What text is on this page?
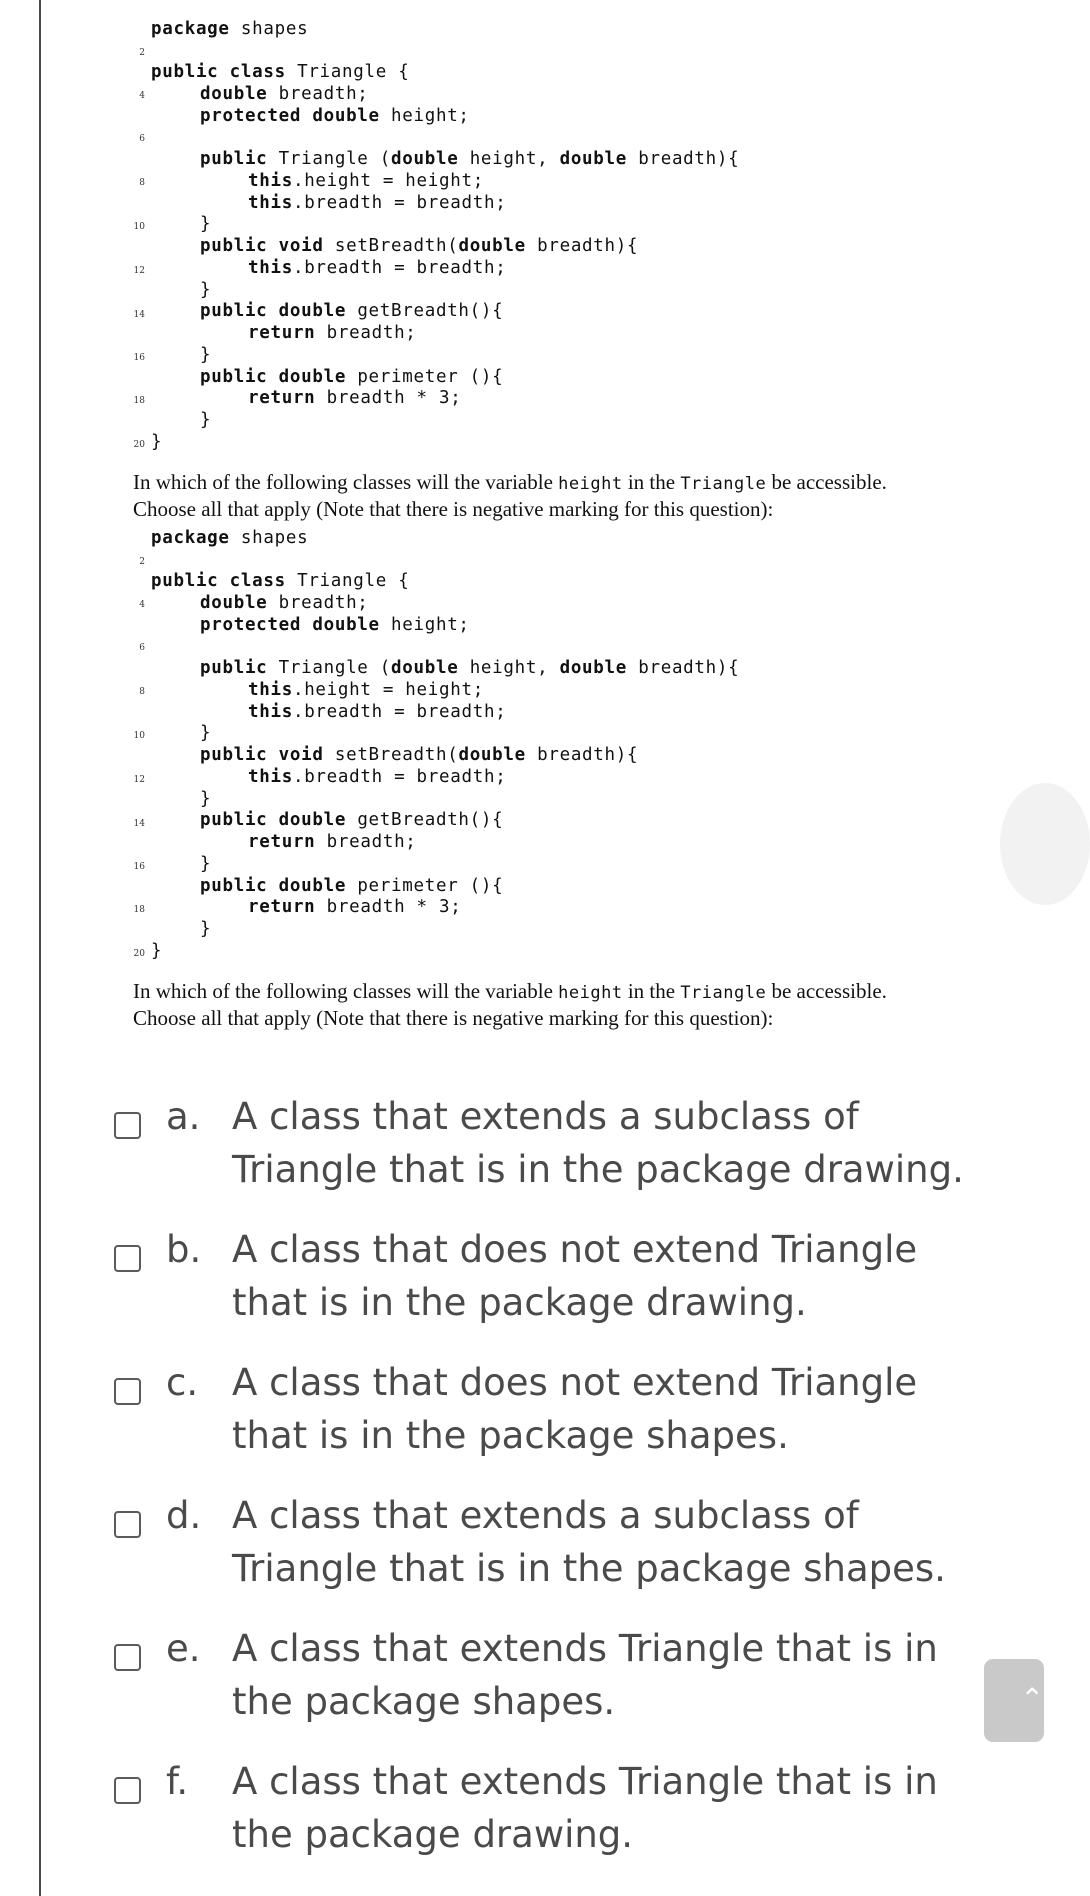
package shapes
2
public class Triangle {
4	double breadth;
protected double height;
6
public Triangle (double height, double breadth){
8	this.height = height;
this.breadth = breadth;
10	}
public void setBreadth(double breadth){
12	this.breadth = breadth;
}
14	public double getBreadth(){
return breadth;
16	}
public double perimeter (){
18	return breadth * 3;
}
20 }
In which of the following classes will the variable height in the Triangle be accessible.
Choose all that apply (Note that there is negative marking for this question):
package shapes
2
public class Triangle {
4	double breadth;
protected double height;
6
public Triangle (double height, double breadth){
8	this.height = height;
this.breadth = breadth;
10	}
public void setBreadth(double breadth){
12	this.breadth = breadth;
}
14	public double getBreadth(){
return breadth;
16	}
public double perimeter (){
18	return breadth * 3;
}
20 }
In which of the following classes will the variable height in the Triangle be accessible.
Choose all that apply (Note that there is negative marking for this question):
a. A class that extends a subclass of Triangle that is in the package drawing.
b. A class that does not extend Triangle that is in the package drawing.
c. A class that does not extend Triangle that is in the package shapes.
d. A class that extends a subclass of Triangle that is in the package shapes.
e. A class that extends Triangle that is in the package shapes.
f. A class that extends Triangle that is in the package drawing.
⌃
